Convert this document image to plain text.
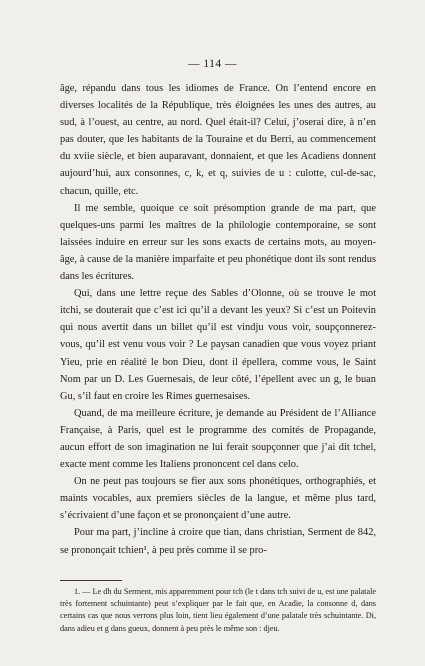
— 114 —

âge, répandu dans tous les idiomes de France. On l’entend encore en diverses localités de la République, très éloignées les unes des autres, au sud, à l’ouest, au centre, au nord. Quel était-il? Celui, j’oserai dire, à n’en pas douter, que les habitants de la Touraine et du Berri, au commencement du xviie siècle, et bien auparavant, donnaient, et que les Acadiens donnent aujourd’hui, aux consonnes, c, k, et q, suivies de u : culotte, cul-de-sac, chacun, quille, etc.

Il me semble, quoique ce soit présomption grande de ma part, que quelques-uns parmi les maîtres de la philologie contemporaine, se sont laissées induire en erreur sur les sons exacts de certains mots, au moyen-âge, à cause de la manière imparfaite et peu phonétique dont ils sont rendus dans les écritures.

Qui, dans une lettre reçue des Sables d’Olonne, où se trouve le mot itchi, se douterait que c’est ici qu’il a devant les yeux? Si c’est un Poitevin qui nous avertit dans un billet qu’il est vindju vous voir, soupçonnerez-vous, qu’il est venu vous voir ? Le paysan canadien que vous voyez priant Yieu, prie en réalité le bon Dieu, dont il épellera, comme vous, le Saint Nom par un D. Les Guernesais, de leur côté, l’épellent avec un g, le buan Gu, s’il faut en croire les Rimes guernesaises.

Quand, de ma meilleure écriture, je demande au Président de l’Alliance Française, à Paris, quel est le programme des comités de Propagande, aucun effort de son imagination ne lui ferait soupçonner que j’ai dit tchel, exacte ment comme les Italiens prononcent cel dans celo.

On ne peut pas toujours se fier aux sons phonétiques, orthographiés, et maints vocables, aux premiers siècles de la langue, et même plus tard, s’écrivaient d’une façon et se prononçaient d’une autre.

Pour ma part, j’incline à croire que tian, dans christian, Serment de 842, se prononçait tchien¹, à peu près comme il se pro-

1. — Le dh du Serment, mis apparemment pour tch (le t dans tch suivi de u, est une palatale très fortement schuintante) peut s’expliquer par le fait que, en Acadie, la consonne d, dans certains cas que nous verrons plus loin, tient lieu également d’une palatale très schuintante. Di, dans adieu et g dans gueux, donnent à peu près le même son : djeu.
